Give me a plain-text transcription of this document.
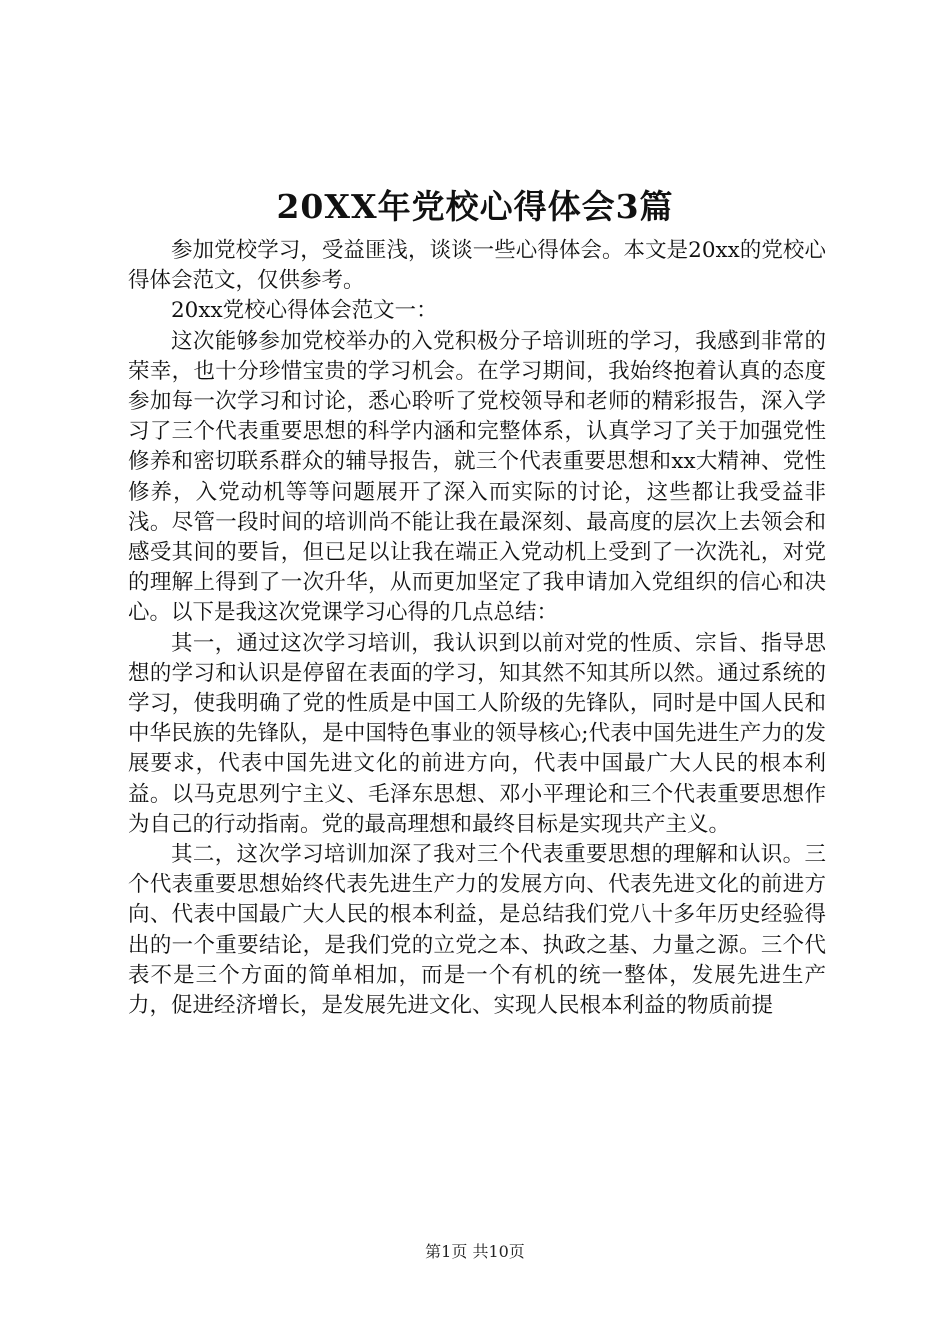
20XX年党校心得体会3篇

参加党校学习，受益匪浅，谈谈一些心得体会。本文是20xx的党校心得体会范文，仅供参考。

20xx党校心得体会范文一：

这次能够参加党校举办的入党积极分子培训班的学习，我感到非常的荣幸，也十分珍惜宝贵的学习机会。在学习期间，我始终抱着认真的态度参加每一次学习和讨论，悉心聆听了党校领导和老师的精彩报告，深入学习了三个代表重要思想的科学内涵和完整体系，认真学习了关于加强党性修养和密切联系群众的辅导报告，就三个代表重要思想和xx大精神、党性修养，入党动机等等问题展开了深入而实际的讨论，这些都让我受益非浅。尽管一段时间的培训尚不能让我在最深刻、最高度的层次上去领会和感受其间的要旨，但已足以让我在端正入党动机上受到了一次洗礼，对党的理解上得到了一次升华，从而更加坚定了我申请加入党组织的信心和决心。以下是我这次党课学习心得的几点总结：

其一，通过这次学习培训，我认识到以前对党的性质、宗旨、指导思想的学习和认识是停留在表面的学习，知其然不知其所以然。通过系统的学习，使我明确了党的性质是中国工人阶级的先锋队，同时是中国人民和中华民族的先锋队，是中国特色事业的领导核心;代表中国先进生产力的发展要求，代表中国先进文化的前进方向，代表中国最广大人民的根本利益。以马克思列宁主义、毛泽东思想、邓小平理论和三个代表重要思想作为自己的行动指南。党的最高理想和最终目标是实现共产主义。

其二，这次学习培训加深了我对三个代表重要思想的理解和认识。三个代表重要思想始终代表先进生产力的发展方向、代表先进文化的前进方向、代表中国最广大人民的根本利益，是总结我们党八十多年历史经验得出的一个重要结论，是我们党的立党之本、执政之基、力量之源。三个代表不是三个方面的简单相加，而是一个有机的统一整体，发展先进生产力，促进经济增长，是发展先进文化、实现人民根本利益的物质前提

第1页 共10页
